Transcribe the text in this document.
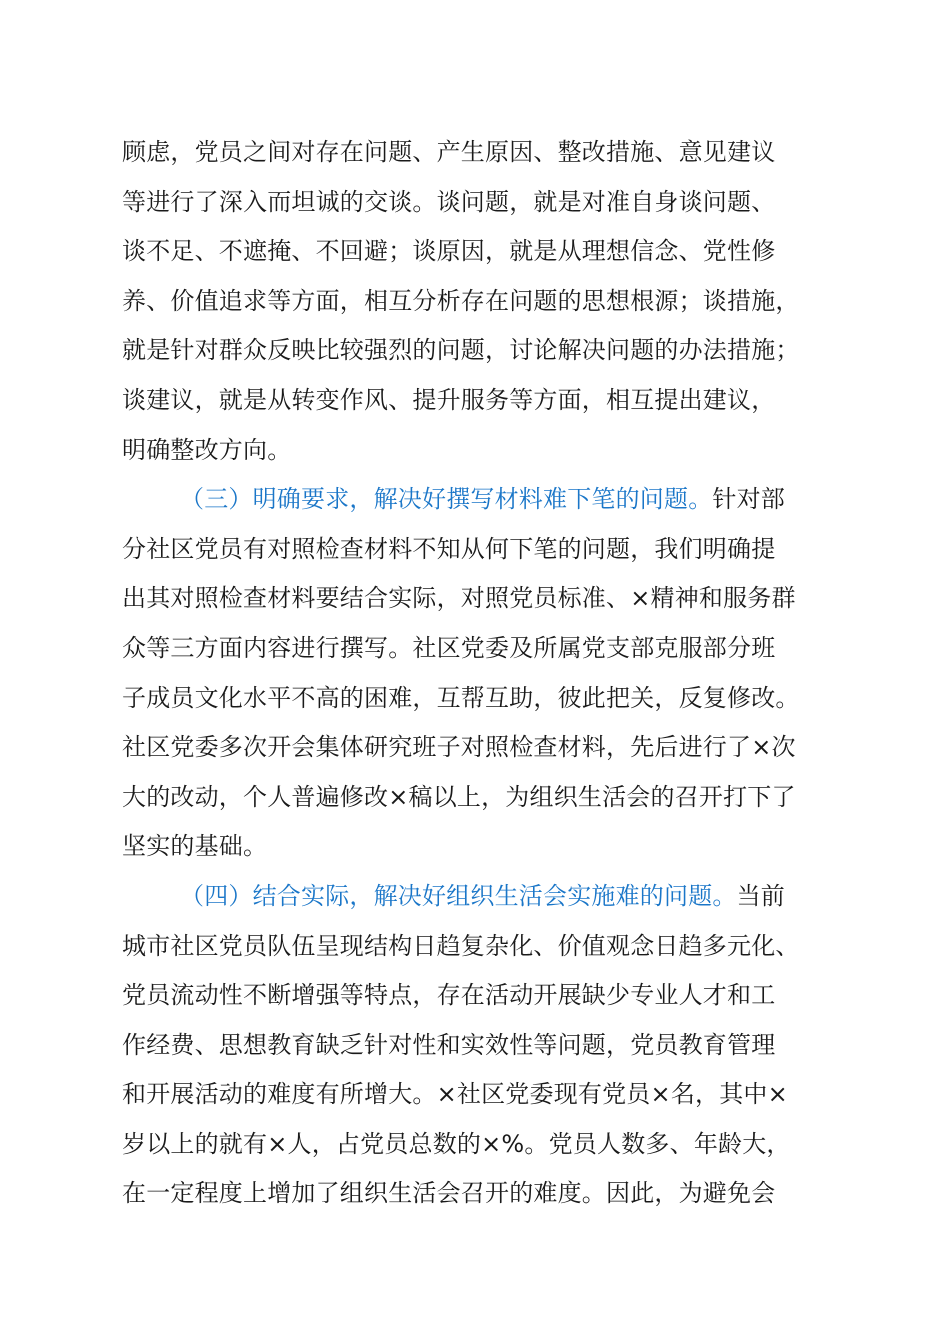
顾虑，党员之间对存在问题、产生原因、整改措施、意见建议
等进行了深入而坦诚的交谈。谈问题，就是对准自身谈问题、
谈不足、不遮掩、不回避；谈原因，就是从理想信念、党性修
养、价值追求等方面，相互分析存在问题的思想根源；谈措施，
就是针对群众反映比较强烈的问题，讨论解决问题的办法措施；
谈建议，就是从转变作风、提升服务等方面，相互提出建议，
明确整改方向。
（三）明确要求，解决好撰写材料难下笔的问题。针对部
分社区党员有对照检查材料不知从何下笔的问题，我们明确提
出其对照检查材料要结合实际，对照党员标准、×精神和服务群
众等三方面内容进行撰写。社区党委及所属党支部克服部分班
子成员文化水平不高的困难，互帮互助，彼此把关，反复修改。
社区党委多次开会集体研究班子对照检查材料，先后进行了×次
大的改动，个人普遍修改×稿以上，为组织生活会的召开打下了
坚实的基础。
（四）结合实际，解决好组织生活会实施难的问题。当前
城市社区党员队伍呈现结构日趋复杂化、价值观念日趋多元化、
党员流动性不断增强等特点，存在活动开展缺少专业人才和工
作经费、思想教育缺乏针对性和实效性等问题，党员教育管理
和开展活动的难度有所增大。×社区党委现有党员×名，其中×
岁以上的就有×人，占党员总数的×%。党员人数多、年龄大，
在一定程度上增加了组织生活会召开的难度。因此，为避免会
